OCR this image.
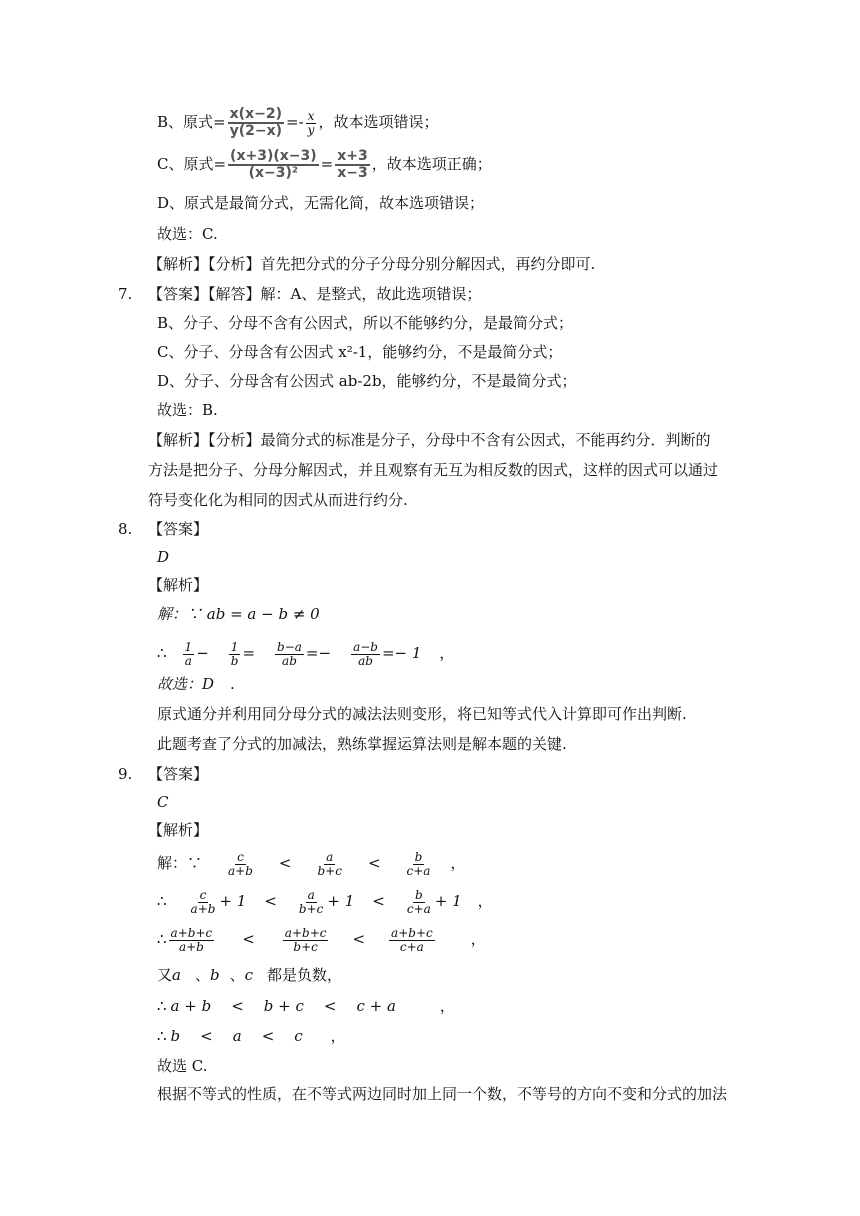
B、原式= $\frac{x(x-2)}{y(2-x)} =- \frac{x}{y}$ ，故本选项错误；
C、原式= $\frac{(x+3)(x-3)}{\text{(x−3)²}} = \frac{x+3}{x-3}$ ，故本选项正确；
D、原式是最简分式，无需化简，故本选项错误；
故选：C.
【解析】【分析】首先把分式的分子分母分别分解因式，再约分即可.
7. 【答案】【解答】解：A、是整式，故此选项错误；
B、分子、分母不含有公因式，所以不能够约分，是最简分式；
C、分子、分母含有公因式 x²-1，能够约分，不是最简分式；
D、分子、分母含有公因式 ab-2b，能够约分，不是最简分式；
故选：B.
【解析】【分析】最简分式的标准是分子，分母中不含有公因式，不能再约分．判断的
方法是把分子、分母分解因式，并且观察有无互为相反数的因式，这样的因式可以通过
符号变化化为相同的因式从而进行约分.
8. 【答案】
D
【解析】
解：∵ ab = a − b ≠ 0
∴ $\frac{1}{a} - \frac{1}{b} = \frac{b-a}{ab} =- \frac{a-b}{ab} =- 1$ ，
故选：D .
原式通分并利用同分母分式的减法法则变形，将已知等式代入计算即可作出判断.
此题考查了分式的加减法，熟练掌握运算法则是解本题的关键.
9. 【答案】
C
【解析】
解：∵ $\frac{c}{a+b} < \frac{a}{b+c} < \frac{b}{c+a}$ ，
∴ $\frac{c}{a+b} + 1 < \frac{a}{b+c} + 1 < \frac{b}{c+a} + 1$ ，
∴ $\frac{a+b+c}{a+b} < \frac{a+b+c}{b+c} < \frac{a+b+c}{c+a}$ ，
又a 、b 、c 都是负数，
∴ a + b < b + c < c + a	，
∴ b < a < c ，
故选 C.
根据不等式的性质，在不等式两边同时加上同一个数，不等号的方向不变和分式的加法
